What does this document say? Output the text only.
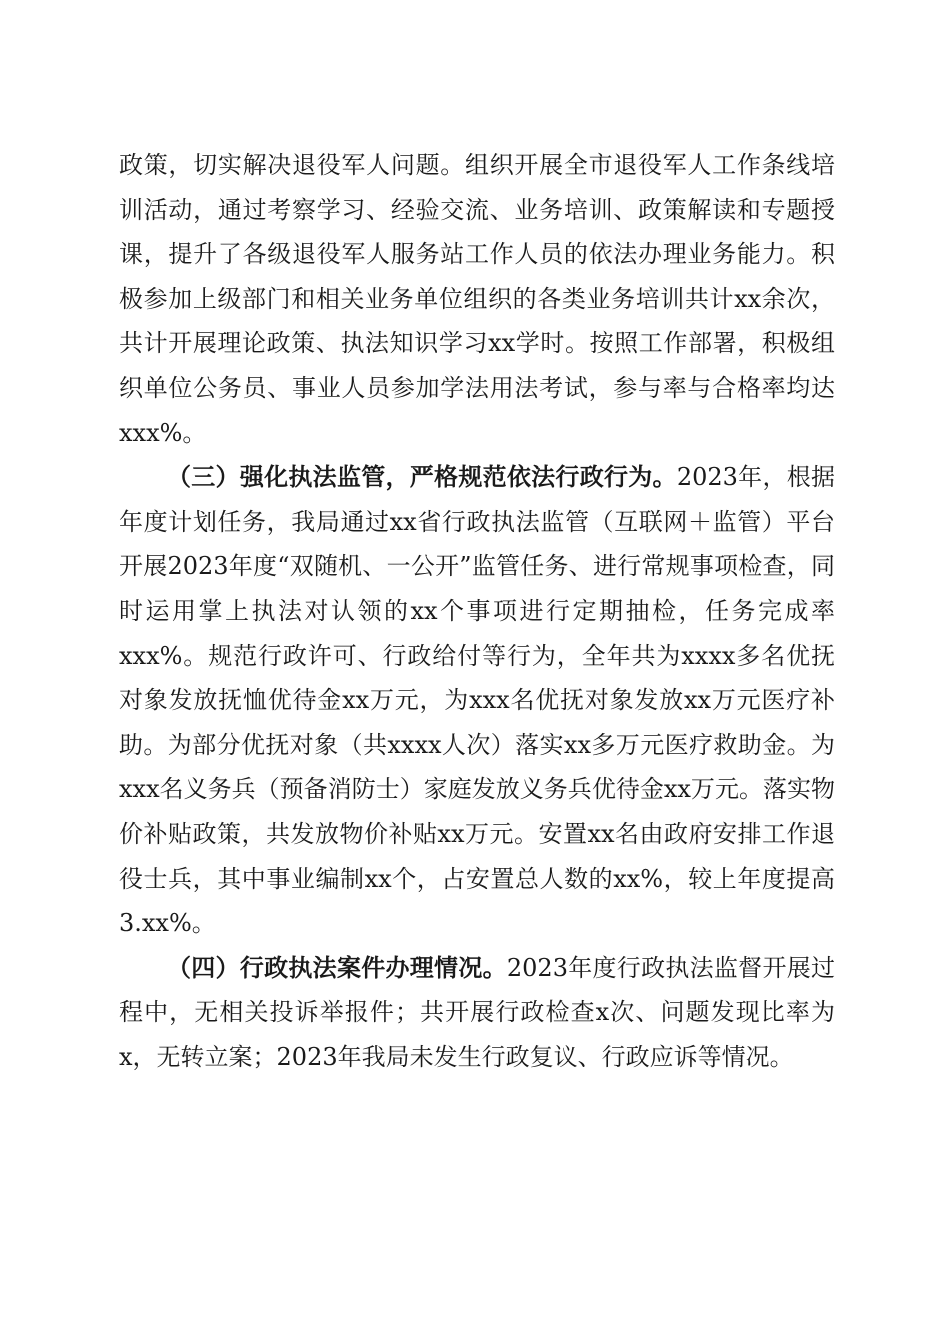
政策，切实解决退役军人问题。组织开展全市退役军人工作条线培训活动，通过考察学习、经验交流、业务培训、政策解读和专题授课，提升了各级退役军人服务站工作人员的依法办理业务能力。积极参加上级部门和相关业务单位组织的各类业务培训共计xx余次，共计开展理论政策、执法知识学习xx学时。按照工作部署，积极组织单位公务员、事业人员参加学法用法考试，参与率与合格率均达xxx%。

（三）强化执法监管，严格规范依法行政行为。2023年，根据年度计划任务，我局通过xx省行政执法监管（互联网＋监管）平台开展2023年度“双随机、一公开”监管任务、进行常规事项检查，同时运用掌上执法对认领的xx个事项进行定期抽检，任务完成率xxx%。规范行政许可、行政给付等行为，全年共为xxxx多名优抚对象发放抚恤优待金xx万元，为xxx名优抚对象发放xx万元医疗补助。为部分优抚对象（共xxxx人次）落实xx多万元医疗救助金。为xxx名义务兵（预备消防士）家庭发放义务兵优待金xx万元。落实物价补贴政策，共发放物价补贴xx万元。安置xx名由政府安排工作退役士兵，其中事业编制xx个，占安置总人数的xx%，较上年度提高3.xx%。

（四）行政执法案件办理情况。2023年度行政执法监督开展过程中，无相关投诉举报件；共开展行政检查x次、问题发现比率为x，无转立案；2023年我局未发生行政复议、行政应诉等情况。
